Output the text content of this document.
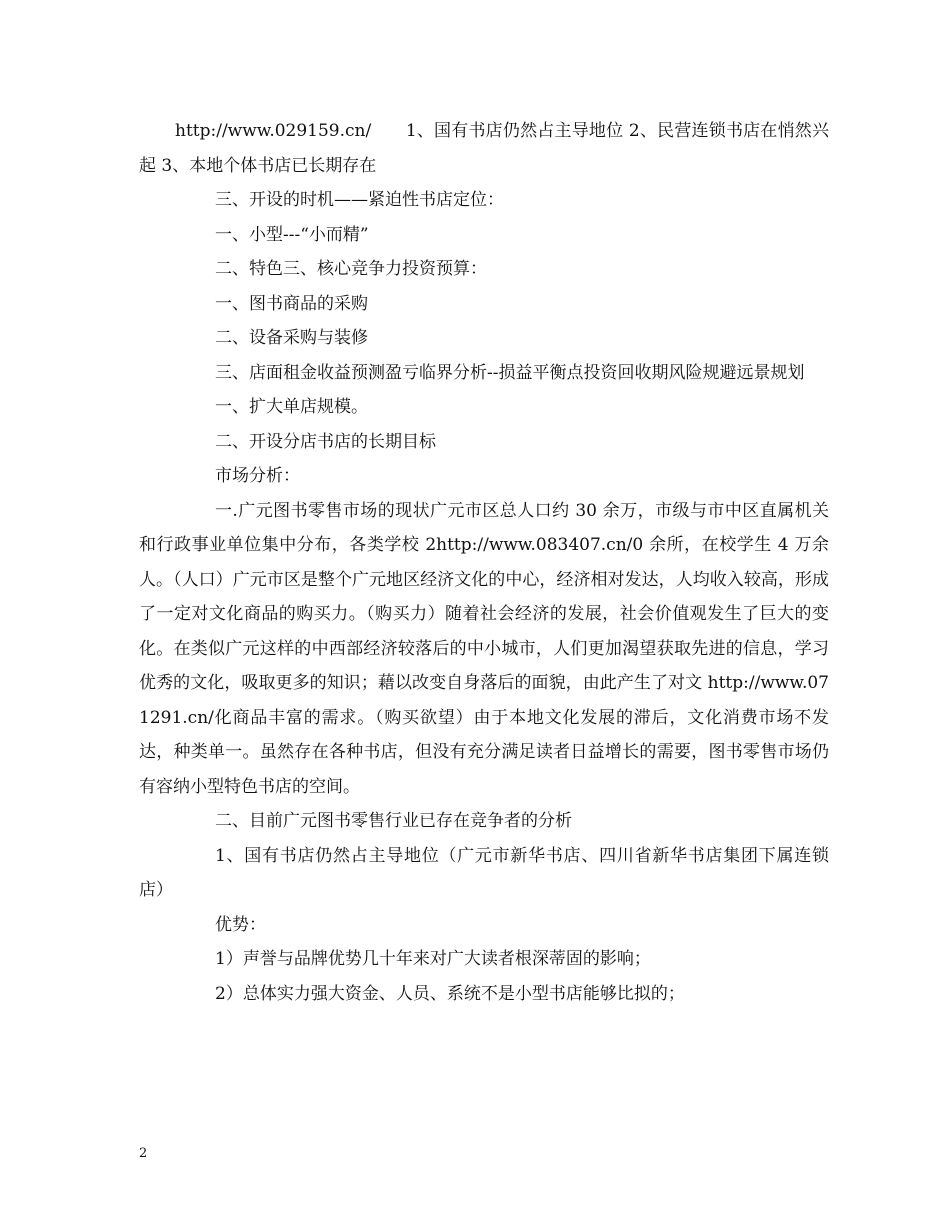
http://www.029159.cn/　　1、国有书店仍然占主导地位 2、民营连锁书店在悄然兴起 3、本地个体书店已长期存在

三、开设的时机——紧迫性书店定位：

一、小型---“小而精”

二、特色三、核心竞争力投资预算：

一、图书商品的采购

二、设备采购与装修

三、店面租金收益预测盈亏临界分析--损益平衡点投资回收期风险规避远景规划

一、扩大单店规模。

二、开设分店书店的长期目标

市场分析：

一.广元图书零售市场的现状广元市区总人口约 30 余万，市级与市中区直属机关和行政事业单位集中分布，各类学校 2http://www.083407.cn/0 余所，在校学生 4 万余人。（人口）广元市区是整个广元地区经济文化的中心，经济相对发达，人均收入较高，形成了一定对文化商品的购买力。（购买力）随着社会经济的发展，社会价值观发生了巨大的变化。在类似广元这样的中西部经济较落后的中小城市，人们更加渴望获取先进的信息，学习优秀的文化，吸取更多的知识；藉以改变自身落后的面貌，由此产生了对文 http://www.071291.cn/化商品丰富的需求。（购买欲望）由于本地文化发展的滞后，文化消费市场不发达，种类单一。虽然存在各种书店，但没有充分满足读者日益增长的需要，图书零售市场仍有容纳小型特色书店的空间。

二、目前广元图书零售行业已存在竞争者的分析

1、国有书店仍然占主导地位（广元市新华书店、四川省新华书店集团下属连锁店）

优势：

1）声誉与品牌优势几十年来对广大读者根深蒂固的影响；

2）总体实力强大资金、人员、系统不是小型书店能够比拟的；

2
